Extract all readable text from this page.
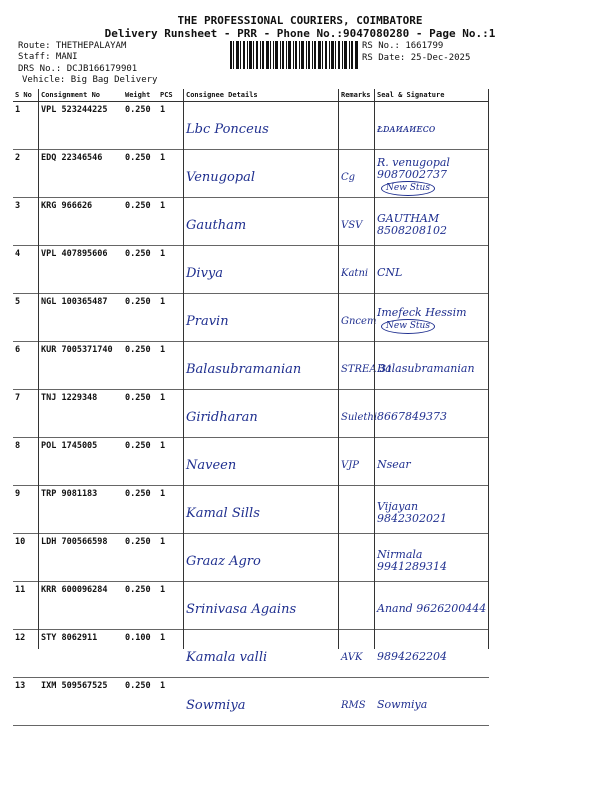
THE PROFESSIONAL COURIERS, COIMBATORE
Delivery Runsheet - PRR - Phone No.:9047080280 - Page No.:1
Route: THETHEPALAYAM
Staff: MANI
DRS No.: DCJB166179901
Vehicle: Big Bag Delivery
RS No.: 1661799
RS Date: 25-Dec-2025
S No	Consignment No	Weight	PCS	Consignee Details	Remarks	Seal & Signature
1	VPL 523244225	0.250	1	Lbc Ponceus		ᴌᴅᴀᴎᴀᴎᴇᴄᴏ
2	EDQ 22346546	0.250	1	Venugopal	Cg	R. venugopal 9087002737New Stus
3	KRG 966626	0.250	1	Gautham	VSV	GAUTHAM 8508208102
4	VPL 407895606	0.250	1	Divya	Katni	CNL
5	NGL 100365487	0.250	1	Pravin	Gncem	Imefeck HessimNew Stus
6	KUR 7005371740	0.250	1	Balasubramanian	STREA 31	Balasubramanian
7	TNJ 1229348	0.250	1	Giridharan	Sulethi	8667849373
8	POL 1745005	0.250	1	Naveen	VJP	Nsear
9	TRP 9081183	0.250	1	Kamal Sills		Vijayan 9842302021
10	LDH 700566598	0.250	1	Graaz Agro		Nirmala 9941289314
11	KRR 600096284	0.250	1	Srinivasa Agains		Anand 9626200444
12	STY 8062911	0.100	1	Kamala valli	AVK	9894262204
13	IXM 509567525	0.250	1	Sowmiya	RMS	Sowmiya
